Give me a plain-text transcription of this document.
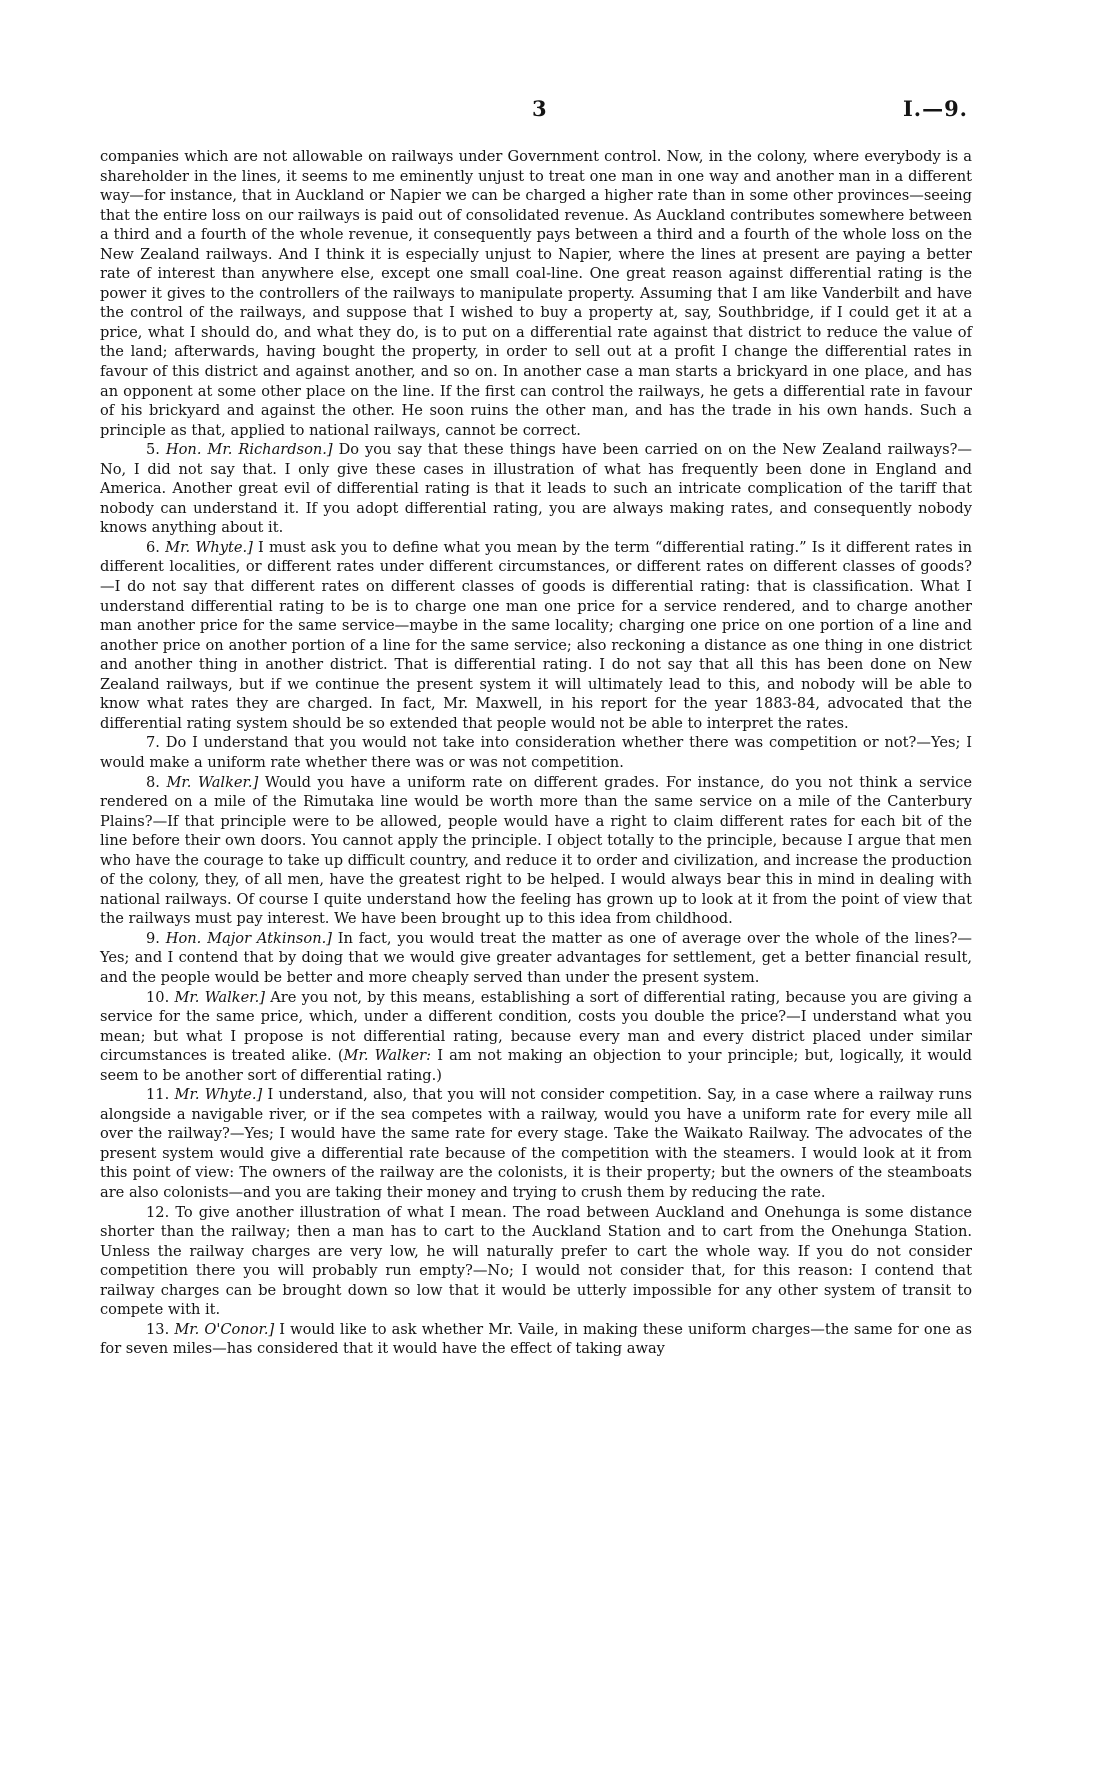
3	I.—9.

companies which are not allowable on railways under Government control. Now, in the colony, where everybody is a shareholder in the lines, it seems to me eminently unjust to treat one man in one way and another man in a different way—for instance, that in Auckland or Napier we can be charged a higher rate than in some other provinces—seeing that the entire loss on our railways is paid out of consolidated revenue. As Auckland contributes somewhere between a third and a fourth of the whole revenue, it consequently pays between a third and a fourth of the whole loss on the New Zealand railways. And I think it is especially unjust to Napier, where the lines at present are paying a better rate of interest than anywhere else, except one small coal-line. One great reason against differential rating is the power it gives to the controllers of the railways to manipulate property. Assuming that I am like Vanderbilt and have the control of the railways, and suppose that I wished to buy a property at, say, Southbridge, if I could get it at a price, what I should do, and what they do, is to put on a differential rate against that district to reduce the value of the land; afterwards, having bought the property, in order to sell out at a profit I change the differential rates in favour of this district and against another, and so on. In another case a man starts a brickyard in one place, and has an opponent at some other place on the line. If the first can control the railways, he gets a differential rate in favour of his brickyard and against the other. He soon ruins the other man, and has the trade in his own hands. Such a principle as that, applied to national railways, cannot be correct.

5. Hon. Mr. Richardson.] Do you say that these things have been carried on on the New Zealand railways?—No, I did not say that. I only give these cases in illustration of what has frequently been done in England and America. Another great evil of differential rating is that it leads to such an intricate complication of the tariff that nobody can understand it. If you adopt differential rating, you are always making rates, and consequently nobody knows anything about it.

6. Mr. Whyte.] I must ask you to define what you mean by the term “differential rating.” Is it different rates in different localities, or different rates under different circumstances, or different rates on different classes of goods?—I do not say that different rates on different classes of goods is differential rating: that is classification. What I understand differential rating to be is to charge one man one price for a service rendered, and to charge another man another price for the same service—maybe in the same locality; charging one price on one portion of a line and another price on another portion of a line for the same service; also reckoning a distance as one thing in one district and another thing in another district. That is differential rating. I do not say that all this has been done on New Zealand railways, but if we continue the present system it will ultimately lead to this, and nobody will be able to know what rates they are charged. In fact, Mr. Maxwell, in his report for the year 1883-84, advocated that the differential rating system should be so extended that people would not be able to interpret the rates.

7. Do I understand that you would not take into consideration whether there was competition or not?—Yes; I would make a uniform rate whether there was or was not competition.

8. Mr. Walker.] Would you have a uniform rate on different grades. For instance, do you not think a service rendered on a mile of the Rimutaka line would be worth more than the same service on a mile of the Canterbury Plains?—If that principle were to be allowed, people would have a right to claim different rates for each bit of the line before their own doors. You cannot apply the principle. I object totally to the principle, because I argue that men who have the courage to take up difficult country, and reduce it to order and civilization, and increase the production of the colony, they, of all men, have the greatest right to be helped. I would always bear this in mind in dealing with national railways. Of course I quite understand how the feeling has grown up to look at it from the point of view that the railways must pay interest. We have been brought up to this idea from childhood.

9. Hon. Major Atkinson.] In fact, you would treat the matter as one of average over the whole of the lines?—Yes; and I contend that by doing that we would give greater advantages for settlement, get a better financial result, and the people would be better and more cheaply served than under the present system.

10. Mr. Walker.] Are you not, by this means, establishing a sort of differential rating, because you are giving a service for the same price, which, under a different condition, costs you double the price?—I understand what you mean; but what I propose is not differential rating, because every man and every district placed under similar circumstances is treated alike. (Mr. Walker: I am not making an objection to your principle; but, logically, it would seem to be another sort of differential rating.)

11. Mr. Whyte.] I understand, also, that you will not consider competition. Say, in a case where a railway runs alongside a navigable river, or if the sea competes with a railway, would you have a uniform rate for every mile all over the railway?—Yes; I would have the same rate for every stage. Take the Waikato Railway. The advocates of the present system would give a differential rate because of the competition with the steamers. I would look at it from this point of view: The owners of the railway are the colonists, it is their property; but the owners of the steamboats are also colonists—and you are taking their money and trying to crush them by reducing the rate.

12. To give another illustration of what I mean. The road between Auckland and Onehunga is some distance shorter than the railway; then a man has to cart to the Auckland Station and to cart from the Onehunga Station. Unless the railway charges are very low, he will naturally prefer to cart the whole way. If you do not consider competition there you will probably run empty?—No; I would not consider that, for this reason: I contend that railway charges can be brought down so low that it would be utterly impossible for any other system of transit to compete with it.

13. Mr. O'Conor.] I would like to ask whether Mr. Vaile, in making these uniform charges—the same for one as for seven miles—has considered that it would have the effect of taking away
